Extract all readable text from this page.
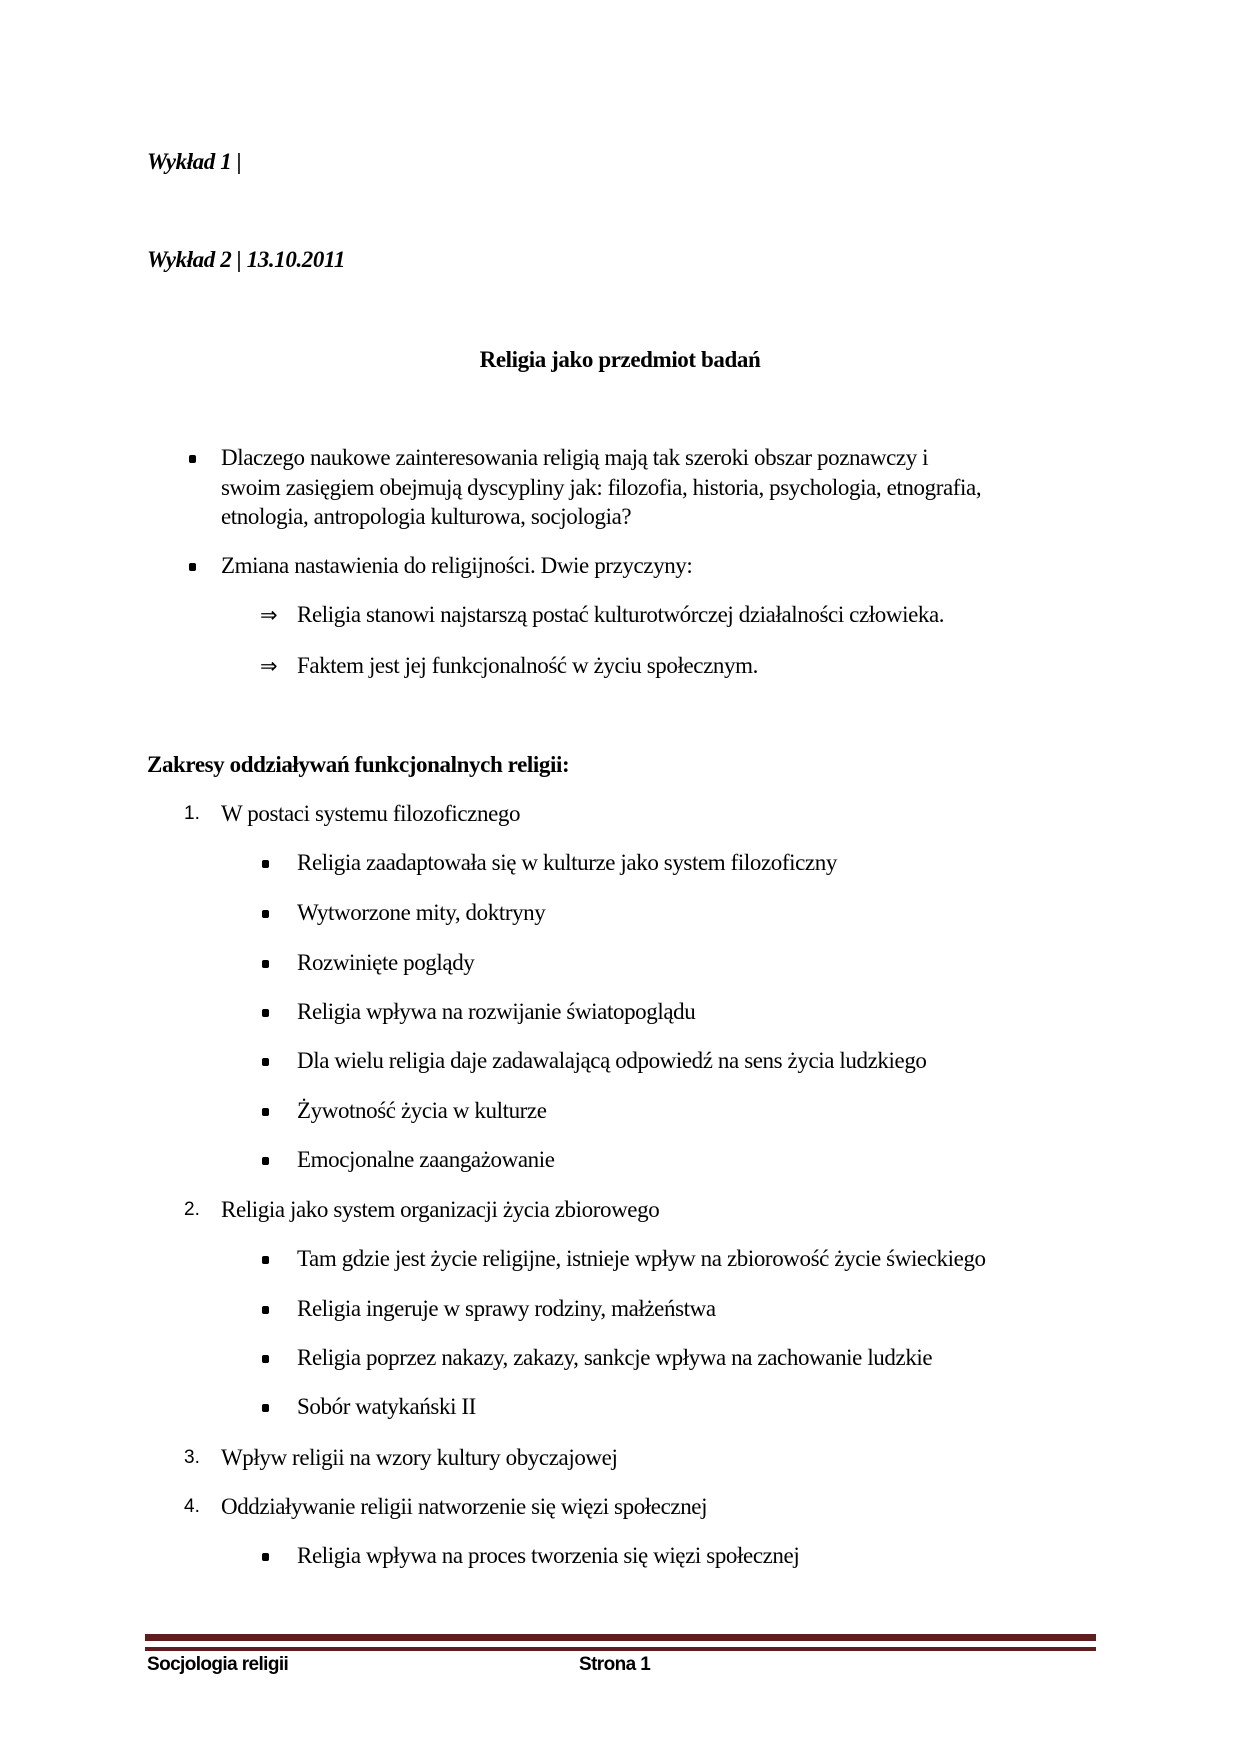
Wykład 1 |
Wykład 2 | 13.10.2011
Religia jako przedmiot badań
Dlaczego naukowe zainteresowania religią mają tak szeroki obszar poznawczy i
swoim zasięgiem obejmują dyscypliny jak: filozofia, historia, psychologia, etnografia,
etnologia, antropologia kulturowa, socjologia?
Zmiana nastawienia do religijności. Dwie przyczyny:
⇒ Religia stanowi najstarszą postać kulturotwórczej działalności człowieka.
⇒ Faktem jest jej funkcjonalność w życiu społecznym.
Zakresy oddziaływań funkcjonalnych religii:
1. W postaci systemu filozoficznego
2. Religia jako system organizacji życia zbiorowego
3. Wpływ religii na wzory kultury obyczajowej
4. Oddziaływanie religii natworzenie się więzi społecznej
Socjologia religii	Strona 1
Religia zaadaptowała się w kulturze jako system filozoficzny
Wytworzone mity, doktryny
Rozwinięte poglądy
Religia wpływa na rozwijanie światopoglądu
Dla wielu religia daje zadawalającą odpowiedź na sens życia ludzkiego
Żywotność życia w kulturze
Emocjonalne zaangażowanie
Tam gdzie jest życie religijne, istnieje wpływ na zbiorowość życie świeckiego
Religia ingeruje w sprawy rodziny, małżeństwa
Religia poprzez nakazy, zakazy, sankcje wpływa na zachowanie ludzkie
Sobór watykański II
Religia wpływa na proces tworzenia się więzi społecznej
